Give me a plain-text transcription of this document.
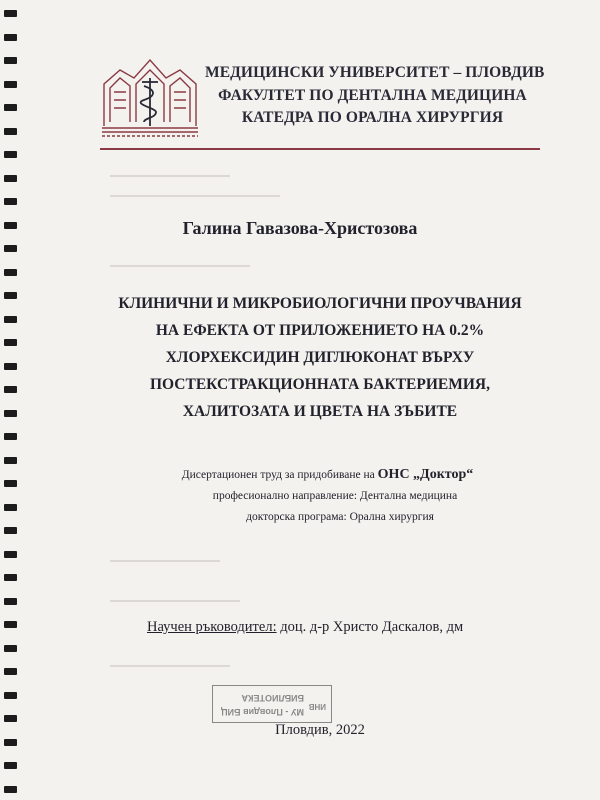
МЕДИЦИНСКИ УНИВЕРСИТЕТ – ПЛОВДИВ
ФАКУЛТЕТ ПО ДЕНТАЛНА МЕДИЦИНА
КАТЕДРА ПО ОРАЛНА ХИРУРГИЯ
Галина Гавазова-Христозова
КЛИНИЧНИ И МИКРОБИОЛОГИЧНИ ПРОУЧВАНИЯ
НА ЕФЕКТА ОТ ПРИЛОЖЕНИЕТО НА 0.2%
ХЛОРХЕКСИДИН ДИГЛЮКОНАТ ВЪРХУ
ПОСТЕКСТРАКЦИОННАТА БАКТЕРИЕМИЯ,
ХАЛИТОЗАТА И ЦВЕТА НА ЗЪБИТЕ
Дисертационен труд за придобиване на ОНС „Доктор“
професионално направление: Дентална медицина
докторска програма: Орална хирургия
Научен ръководител: доц. д-р Христо Даскалов, дм
МУ - Пловдив БИЦ
БИБЛИОТЕКА
ИНВ
Пловдив, 2022
